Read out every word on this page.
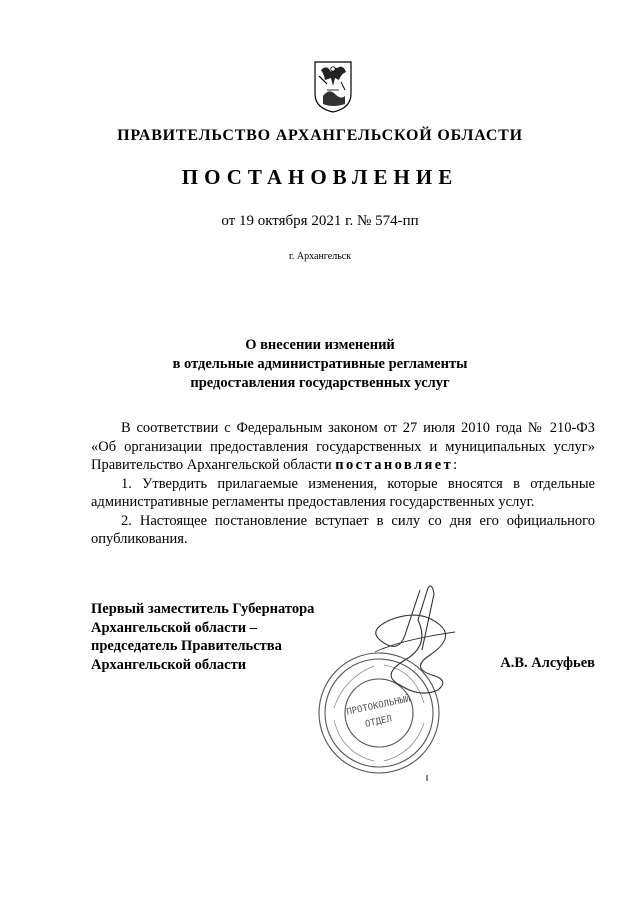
ПРАВИТЕЛЬСТВО АРХАНГЕЛЬСКОЙ ОБЛАСТИ
ПОСТАНОВЛЕНИЕ
от 19 октября 2021 г. № 574-пп
г. Архангельск
О внесении изменений
в отдельные административные регламенты
предоставления государственных услуг
В соответствии с Федеральным законом от 27 июля 2010 года № 210-ФЗ
«Об организации предоставления государственных и муниципальных услуг»
Правительство Архангельской области постановляет:
1. Утвердить прилагаемые изменения, которые вносятся в отдельные
административные регламенты предоставления государственных услуг.
2. Настоящее постановление вступает в силу со дня его официального
опубликования.
Первый заместитель Губернатора
Архангельской области –
председатель Правительства
Архангельской области	А.В. Алсуфьев
ПРОТОКОЛЬНЫЙ
ОТДЕЛ
